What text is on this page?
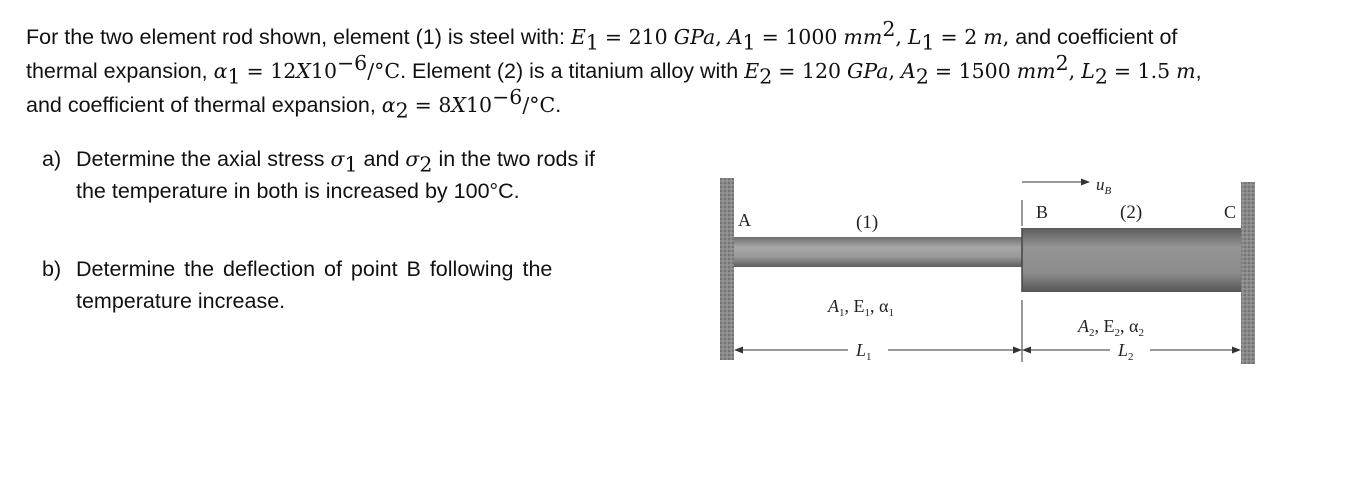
For the two element rod shown, element (1) is steel with: $E_1 = 210$ GPa, $A_1 = 1000$ $mm^2$, $L_1 = 2$ m, and coefficient of
thermal expansion, $\alpha_1 = 12X10^{-6}/^\circ C$. Element (2) is a titanium alloy with $E_2 = 120$ GPa, $A_2 = 1500$ $mm^2$, $L_2 = 1.5$ m,
and coefficient of thermal expansion, $\alpha_2 = 8X10^{-6}/^\circ C$.
a) Determine the axial stress $\sigma_1$ and $\sigma_2$ in the two rods if
the temperature in both is increased by 100°C.
b) Determine the deflection of point B following the
temperature increase.
A	B	C
(1)	(2)
$u_B$
$A_1$, $E_1$, $\alpha_1$
$A_2$, $E_2$, $\alpha_2$
$L_1$	$L_2$
